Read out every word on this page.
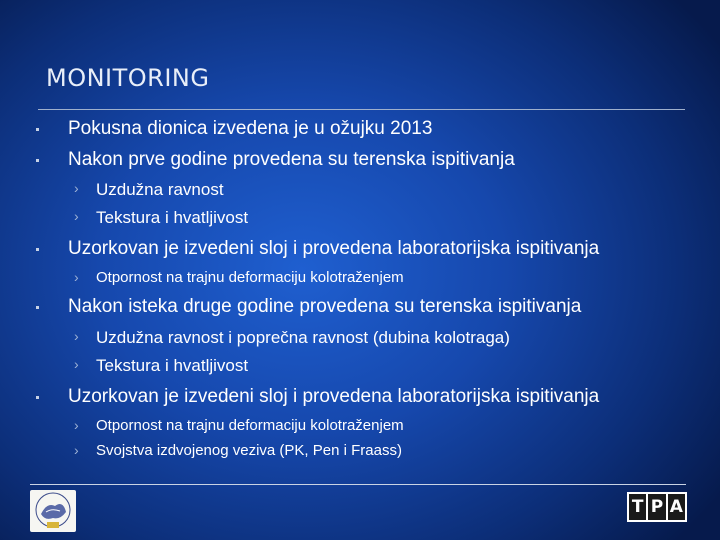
MONITORING
Pokusna dionica izvedena je u ožujku 2013
Nakon prve godine provedena su terenska ispitivanja
› Uzdužna ravnost
› Tekstura i hvatljivost
Uzorkovan je izvedeni sloj i provedena laboratorijska ispitivanja
› Otpornost na trajnu deformaciju kolotraženjem
Nakon isteka druge godine provedena su terenska ispitivanja
› Uzdužna ravnost i poprečna ravnost (dubina kolotraga)
› Tekstura i hvatljivost
Uzorkovan je izvedeni sloj i provedena laboratorijska ispitivanja
› Otpornost na trajnu deformaciju kolotraženjem
› Svojstva izdvojenog veziva (PK, Pen i Fraass)
T P A
